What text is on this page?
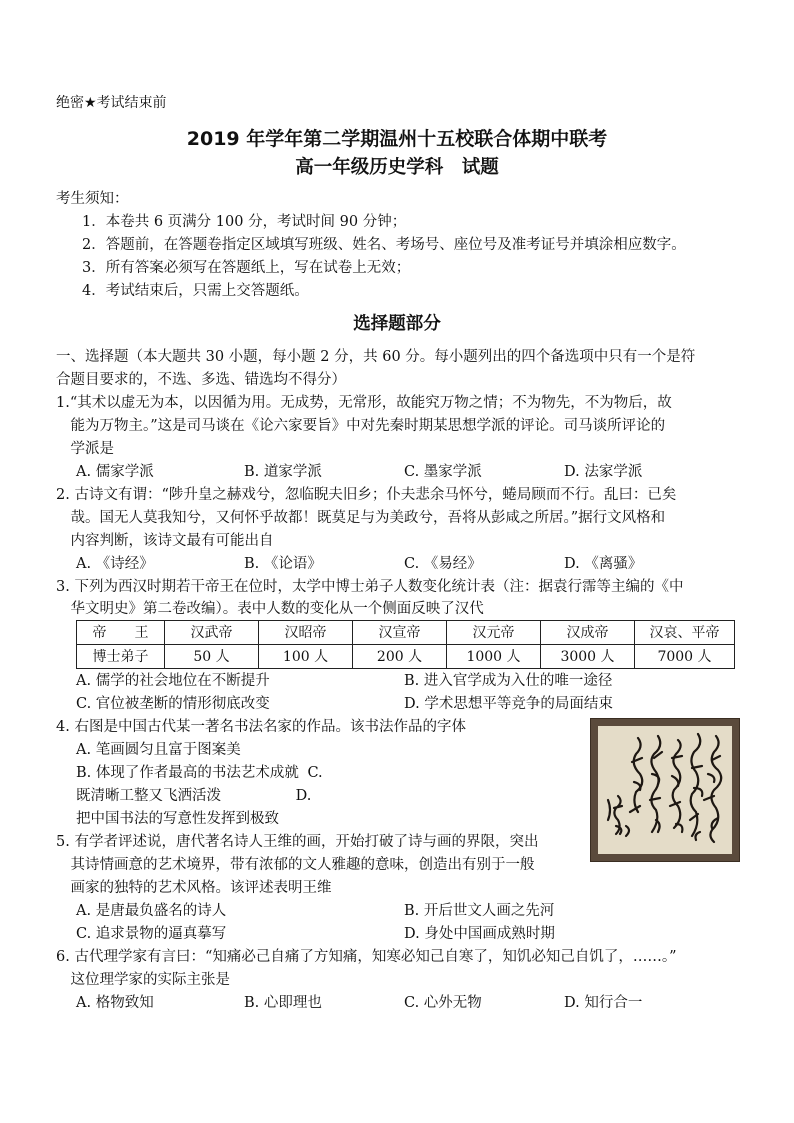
绝密★考试结束前
2019 年学年第二学期温州十五校联合体期中联考
高一年级历史学科　试题
考生须知：
1．本卷共 6 页满分 100 分，考试时间 90 分钟；
2．答题前，在答题卷指定区域填写班级、姓名、考场号、座位号及准考证号并填涂相应数字。
3．所有答案必须写在答题纸上，写在试卷上无效；
4．考试结束后，只需上交答题纸。
选择题部分
一、选择题（本大题共 30 小题，每小题 2 分，共 60 分。每小题列出的四个备选项中只有一个是符
合题目要求的，不选、多选、错选均不得分）
1.“其术以虚无为本，以因循为用。无成势，无常形，故能究万物之情；不为物先，不为物后，故
　能为万物主。”这是司马谈在《论六家要旨》中对先秦时期某思想学派的评论。司马谈所评论的
　学派是
A. 儒家学派	B. 道家学派	C. 墨家学派	D. 法家学派
2. 古诗文有谓：“陟升皇之赫戏兮，忽临睨夫旧乡；仆夫悲余马怀兮，蜷局顾而不行。乱曰：已矣
　哉。国无人莫我知兮，又何怀乎故都！既莫足与为美政兮，吾将从彭咸之所居。”据行文风格和
　内容判断，该诗文最有可能出自
A. 《诗经》	B. 《论语》	C. 《易经》	D. 《离骚》
3. 下列为西汉时期若干帝王在位时，太学中博士弟子人数变化统计表（注：据袁行霈等主编的《中
　华文明史》第二卷改编）。表中人数的变化从一个侧面反映了汉代
帝　　王	汉武帝	汉昭帝	汉宣帝	汉元帝	汉成帝	汉哀、平帝
博士弟子	50 人	100 人	200 人	1000 人	3000 人	7000 人
A. 儒学的社会地位在不断提升	B. 进入官学成为入仕的唯一途径
C. 官位被垄断的情形彻底改变	D. 学术思想平等竞争的局面结束
4. 右图是中国古代某一著名书法名家的作品。该书法作品的字体
A. 笔画圆匀且富于图案美
B. 体现了作者最高的书法艺术成就 C.
既清晰工整又飞洒活泼	D.
把中国书法的写意性发挥到极致
5. 有学者评述说，唐代著名诗人王维的画，开始打破了诗与画的界限，突出
　其诗情画意的艺术境界，带有浓郁的文人雅趣的意味，创造出有别于一般
　画家的独特的艺术风格。该评述表明王维
A. 是唐最负盛名的诗人	B. 开后世文人画之先河
C. 追求景物的逼真摹写	D. 身处中国画成熟时期
6. 古代理学家有言曰：“知痛必己自痛了方知痛，知寒必知己自寒了，知饥必知己自饥了，……。”
　这位理学家的实际主张是
A. 格物致知	B. 心即理也	C. 心外无物	D. 知行合一
